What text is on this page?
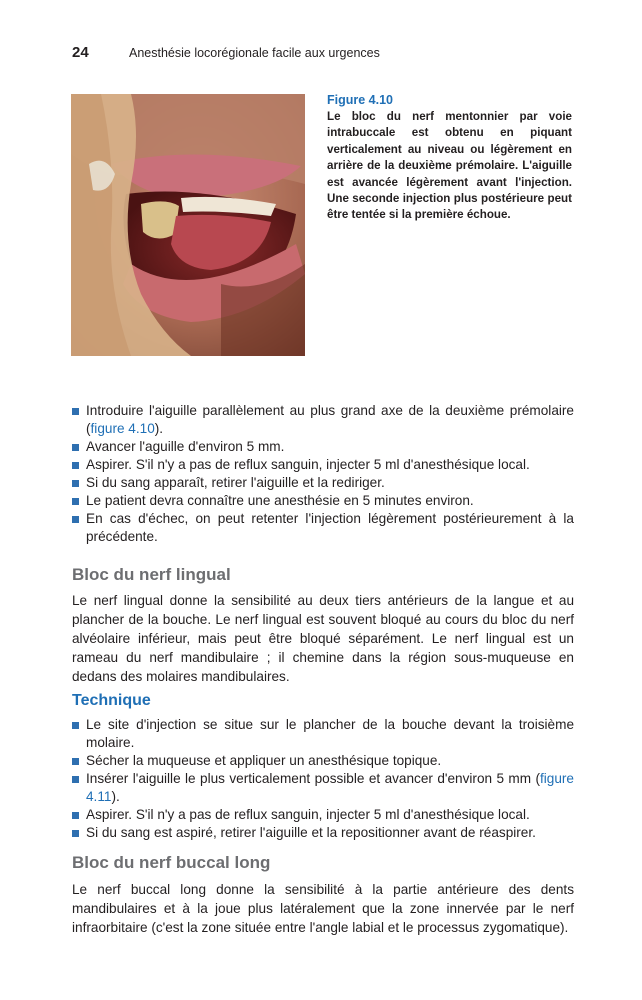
24	Anesthésie locorégionale facile aux urgences
Figure 4.10

Le bloc du nerf mentonnier par voie intrabuccale est obtenu en piquant verticalement au niveau ou légèrement en arrière de la deuxième prémolaire. L'aiguille est avancée légèrement avant l'injection. Une seconde injection plus postérieure peut être tentée si la première échoue.

Introduire l'aiguille parallèlement au plus grand axe de la deuxième prémolaire (figure 4.10).
Avancer l'aguille d'environ 5 mm.
Aspirer. S'il n'y a pas de reflux sanguin, injecter 5 ml d'anesthésique local.
Si du sang apparaît, retirer l'aiguille et la rediriger.
Le patient devra connaître une anesthésie en 5 minutes environ.
En cas d'échec, on peut retenter l'injection légèrement postérieurement à la précédente.
Bloc du nerf lingual

Le nerf lingual donne la sensibilité au deux tiers antérieurs de la langue et au plancher de la bouche. Le nerf lingual est souvent bloqué au cours du bloc du nerf alvéolaire inférieur, mais peut être bloqué séparément. Le nerf lingual est un rameau du nerf mandibulaire ; il chemine dans la région sous-muqueuse en dedans des molaires mandibulaires.

Technique
Le site d'injection se situe sur le plancher de la bouche devant la troisième molaire.
Sécher la muqueuse et appliquer un anesthésique topique.
Insérer l'aiguille le plus verticalement possible et avancer d'environ 5 mm (figure 4.11).
Aspirer. S'il n'y a pas de reflux sanguin, injecter 5 ml d'anesthésique local.
Si du sang est aspiré, retirer l'aiguille et la repositionner avant de réaspirer.
Bloc du nerf buccal long

Le nerf buccal long donne la sensibilité à la partie antérieure des dents mandibulaires et à la joue plus latéralement que la zone innervée par le nerf infraorbitaire (c'est la zone située entre l'angle labial et le processus zygomatique).
